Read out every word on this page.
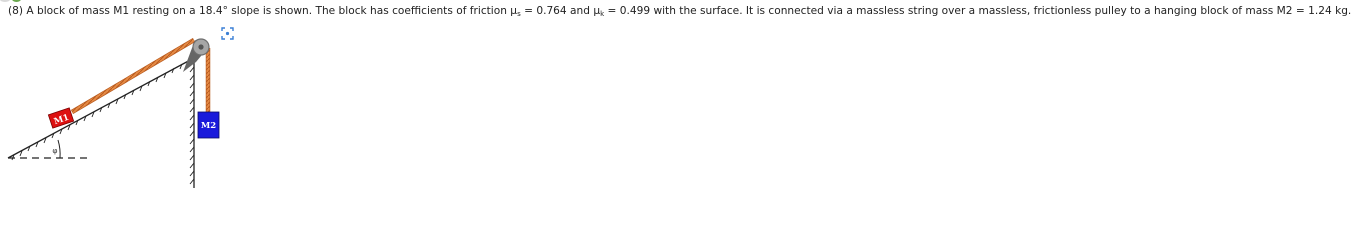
(8) A block of mass M1 resting on a 18.4° slope is shown. The block has coefficients of friction $\mu_s = 0.764$ and $\mu_k = 0.499$ with the surface. It is connected via a massless string over a massless, frictionless pulley to a hanging block of mass M2 = 1.24 kg.
M1	M2
φ
